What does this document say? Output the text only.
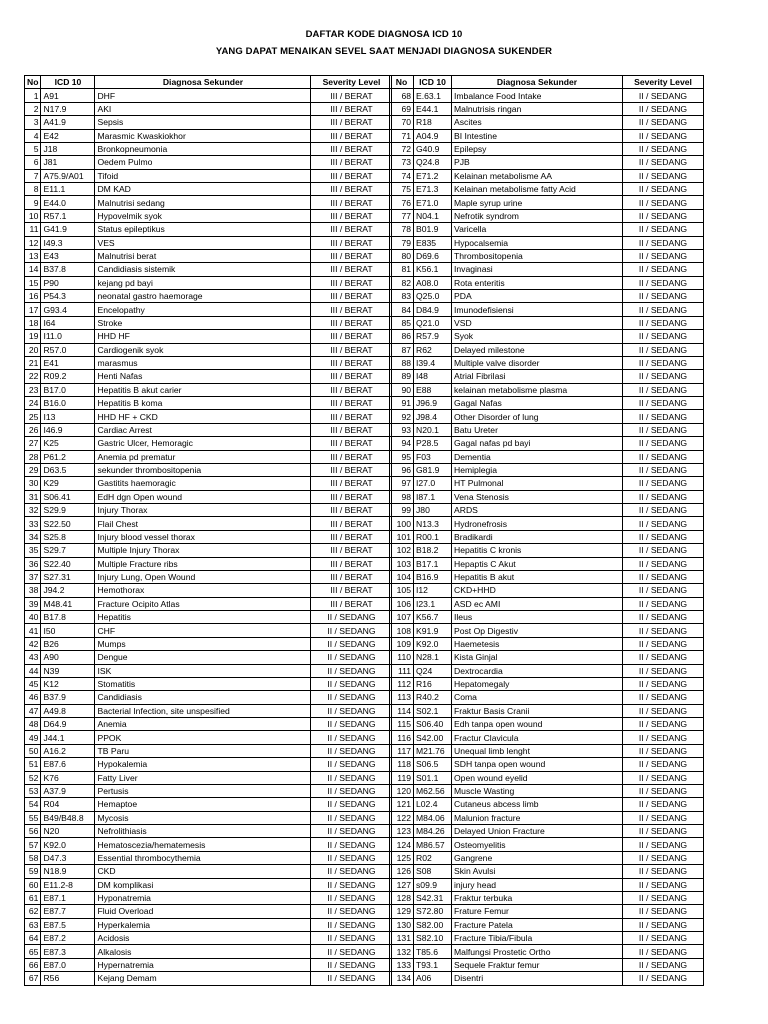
DAFTAR KODE DIAGNOSA ICD 10
YANG DAPAT MENAIKAN SEVEL SAAT MENJADI DIAGNOSA SUKENDER
No	ICD 10	Diagnosa Sekunder	Severity Level
1	A91	DHF	III / BERAT
2	N17.9	AKI	III / BERAT
3	A41.9	Sepsis	III / BERAT
4	E42	Marasmic Kwaskiokhor	III / BERAT
5	J18	Bronkopneumonia	III / BERAT
6	J81	Oedem Pulmo	III / BERAT
7	A75.9/A01	Tifoid	III / BERAT
8	E11.1	DM KAD	III / BERAT
9	E44.0	Malnutrisi sedang	III / BERAT
10	R57.1	Hypovelmik syok	III / BERAT
11	G41.9	Status epileptikus	III / BERAT
12	I49.3	VES	III / BERAT
13	E43	Malnutrisi berat	III / BERAT
14	B37.8	Candidiasis sistemik	III / BERAT
15	P90	kejang pd bayi	III / BERAT
16	P54.3	neonatal gastro haemorage	III / BERAT
17	G93.4	Encelopathy	III / BERAT
18	I64	Stroke	III / BERAT
19	I11.0	HHD HF	III / BERAT
20	R57.0	Cardiogenik syok	III / BERAT
21	E41	marasmus	III / BERAT
22	R09.2	Henti Nafas	III / BERAT
23	B17.0	Hepatitis B akut carier	III / BERAT
24	B16.0	Hepatitis B koma	III / BERAT
25	I13	HHD HF + CKD	III / BERAT
26	I46.9	Cardiac Arrest	III / BERAT
27	K25	Gastric Ulcer, Hemoragic	III / BERAT
28	P61.2	Anemia pd prematur	III / BERAT
29	D63.5	sekunder thrombositopenia	III / BERAT
30	K29	Gastitits haemoragic	III / BERAT
31	S06.41	EdH dgn Open wound	III / BERAT
32	S29.9	Injury Thorax	III / BERAT
33	S22.50	Flail Chest	III / BERAT
34	S25.8	Injury blood vessel thorax	III / BERAT
35	S29.7	Multiple Injury Thorax	III / BERAT
36	S22.40	Multiple Fracture ribs	III / BERAT
37	S27.31	Injury Lung, Open Wound	III / BERAT
38	J94.2	Hemothorax	III / BERAT
39	M48.41	Fracture Ocipito Atlas	III / BERAT
40	B17.8	Hepatitis	II / SEDANG
41	I50	CHF	II / SEDANG
42	B26	Mumps	II / SEDANG
43	A90	Dengue	II / SEDANG
44	N39	ISK	II / SEDANG
45	K12	Stomatitis	II / SEDANG
46	B37.9	Candidiasis	II / SEDANG
47	A49.8	Bacterial Infection, site unspesified	II / SEDANG
48	D64.9	Anemia	II / SEDANG
49	J44.1	PPOK	II / SEDANG
50	A16.2	TB Paru	II / SEDANG
51	E87.6	Hypokalemia	II / SEDANG
52	K76	Fatty Liver	II / SEDANG
53	A37.9	Pertusis	II / SEDANG
54	R04	Hemaptoe	II / SEDANG
55	B49/B48.8	Mycosis	II / SEDANG
56	N20	Nefrolithiasis	II / SEDANG
57	K92.0	Hematoscezia/hematemesis	II / SEDANG
58	D47.3	Essential thrombocythemia	II / SEDANG
59	N18.9	CKD	II / SEDANG
60	E11.2-8	DM komplikasi	II / SEDANG
61	E87.1	Hyponatremia	II / SEDANG
62	E87.7	Fluid Overload	II / SEDANG
63	E87.5	Hyperkalemia	II / SEDANG
64	E87.2	Acidosis	II / SEDANG
65	E87.3	Alkalosis	II / SEDANG
66	E87.0	Hypernatremia	II / SEDANG
67	R56	Kejang Demam	II / SEDANG
No	ICD 10	Diagnosa Sekunder	Severity Level
68	E.63.1	Imbalance Food Intake	II / SEDANG
69	E44.1	Malnutrisis ringan	II / SEDANG
70	R18	Ascites	II / SEDANG
71	A04.9	BI Intestine	II / SEDANG
72	G40.9	Epilepsy	II / SEDANG
73	Q24.8	PJB	II / SEDANG
74	E71.2	Kelainan metabolisme AA	II / SEDANG
75	E71.3	Kelainan metabolisme fatty Acid	II / SEDANG
76	E71.0	Maple syrup urine	II / SEDANG
77	N04.1	Nefrotik syndrom	II / SEDANG
78	B01.9	Varicella	II / SEDANG
79	E835	Hypocalsemia	II / SEDANG
80	D69.6	Thrombositopenia	II / SEDANG
81	K56.1	Invaginasi	II / SEDANG
82	A08.0	Rota enteritis	II / SEDANG
83	Q25.0	PDA	II / SEDANG
84	D84.9	Imunodefisiensi	II / SEDANG
85	Q21.0	VSD	II / SEDANG
86	R57.9	Syok	II / SEDANG
87	R62	Delayed milestone	II / SEDANG
88	I39.4	Multiple valve disorder	II / SEDANG
89	I48	Atrial Fibrilasi	II / SEDANG
90	E88	kelainan metabolisme plasma	II / SEDANG
91	J96.9	Gagal Nafas	II / SEDANG
92	J98.4	Other Disorder of lung	II / SEDANG
93	N20.1	Batu Ureter	II / SEDANG
94	P28.5	Gagal nafas pd bayi	II / SEDANG
95	F03	Dementia	II / SEDANG
96	G81.9	Hemiplegia	II / SEDANG
97	I27.0	HT Pulmonal	II / SEDANG
98	I87.1	Vena Stenosis	II / SEDANG
99	J80	ARDS	II / SEDANG
100	N13.3	Hydronefrosis	II / SEDANG
101	R00.1	Bradikardi	II / SEDANG
102	B18.2	Hepatitis C kronis	II / SEDANG
103	B17.1	Hepaptis C Akut	II / SEDANG
104	B16.9	Hepatitis B akut	II / SEDANG
105	I12	CKD+HHD	II / SEDANG
106	I23.1	ASD ec AMI	II / SEDANG
107	K56.7	Ileus	II / SEDANG
108	K91.9	Post Op Digestiv	II / SEDANG
109	K92.0	Haemetesis	II / SEDANG
110	N28.1	Kista Ginjal	II / SEDANG
111	Q24	Dextrocardia	II / SEDANG
112	R16	Hepatomegaly	II / SEDANG
113	R40.2	Coma	II / SEDANG
114	S02.1	Fraktur Basis Cranii	II / SEDANG
115	S06.40	Edh tanpa open wound	II / SEDANG
116	S42.00	Fractur Clavicula	II / SEDANG
117	M21.76	Unequal limb lenght	II / SEDANG
118	S06.5	SDH tanpa open wound	II / SEDANG
119	S01.1	Open wound eyelid	II / SEDANG
120	M62.56	Muscle Wasting	II / SEDANG
121	L02.4	Cutaneus abcess limb	II / SEDANG
122	M84.06	Malunion fracture	II / SEDANG
123	M84.26	Delayed Union Fracture	II / SEDANG
124	M86.57	Osteomyelitis	II / SEDANG
125	R02	Gangrene	II / SEDANG
126	S08	Skin Avulsi	II / SEDANG
127	s09.9	injury head	II / SEDANG
128	S42.31	Fraktur terbuka	II / SEDANG
129	S72.80	Frature Femur	II / SEDANG
130	S82.00	Fracture Patela	II / SEDANG
131	S82.10	Fracture Tibia/Fibula	II / SEDANG
132	T85.6	Malfungsi Prostetic Ortho	II / SEDANG
133	T93.1	Sequele Fraktur femur	II / SEDANG
134	A06	Disentri	II / SEDANG
